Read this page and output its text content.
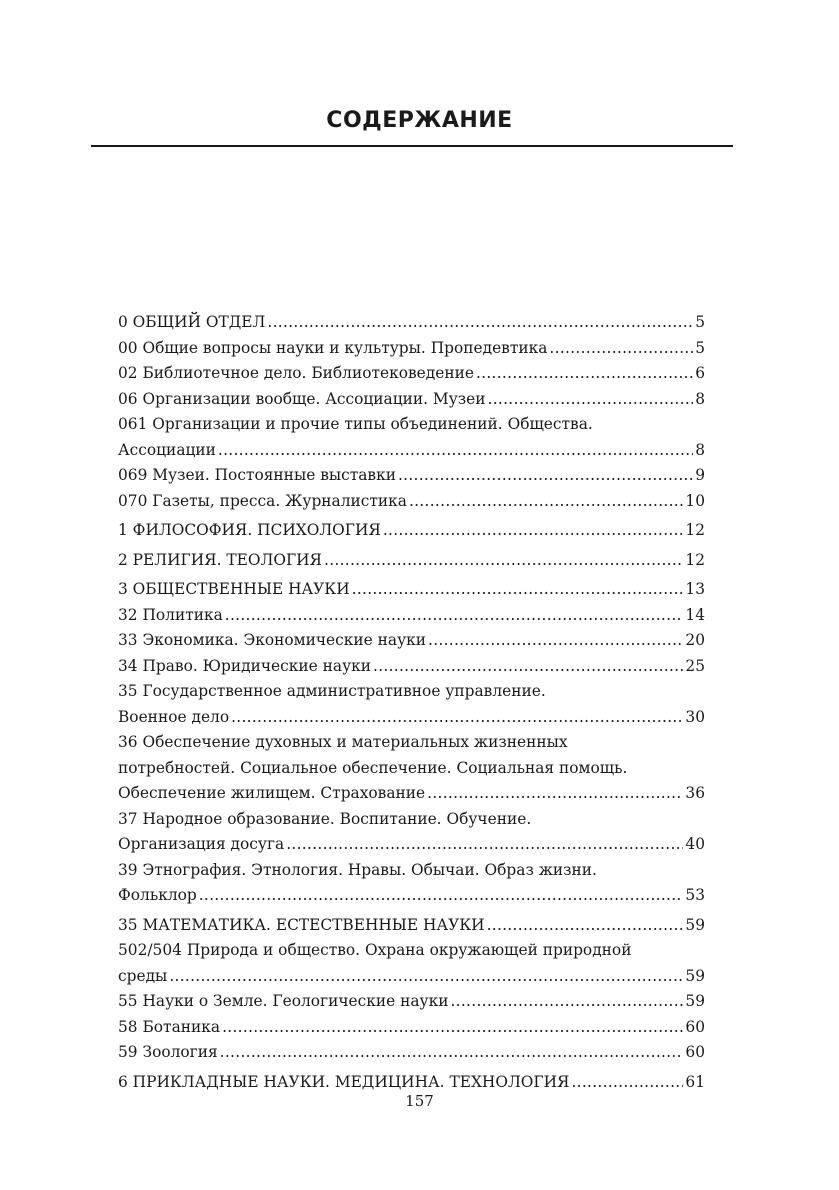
СОДЕРЖАНИЕ
0 ОБЩИЙ ОТДЕЛ .....	5
00 Общие вопросы науки и культуры. Пропедевтика .....	5
02 Библиотечное дело. Библиотековедение .....	6
06 Организации вообще. Ассоциации. Музеи .....	8
061 Организации и прочие типы объединений. Общества.
Ассоциации .....	8
069 Музеи. Постоянные выставки .....	9
070 Газеты, пресса. Журналистика .....	10
1 ФИЛОСОФИЯ. ПСИХОЛОГИЯ .....	12
2 РЕЛИГИЯ. ТЕОЛОГИЯ .....	12
3 ОБЩЕСТВЕННЫЕ НАУКИ .....	13
32 Политика .....	14
33 Экономика. Экономические науки .....	20
34 Право. Юридические науки .....	25
35 Государственное административное управление.
Военное дело .....	30
36 Обеспечение духовных и материальных жизненных
потребностей. Социальное обеспечение. Социальная помощь.
Обеспечение жилищем. Страхование .....	36
37 Народное образование. Воспитание. Обучение.
Организация досуга .....	40
39 Этнография. Этнология. Нравы. Обычаи. Образ жизни.
Фольклор .....	53
35 МАТЕМАТИКА. ЕСТЕСТВЕННЫЕ НАУКИ .....	59
502/504 Природа и общество. Охрана окружающей природной
среды .....	59
55 Науки о Земле. Геологические науки .....	59
58 Ботаника .....	60
59 Зоология .....	60
6 ПРИКЛАДНЫЕ НАУКИ. МЕДИЦИНА. ТЕХНОЛОГИЯ .....	61
157
